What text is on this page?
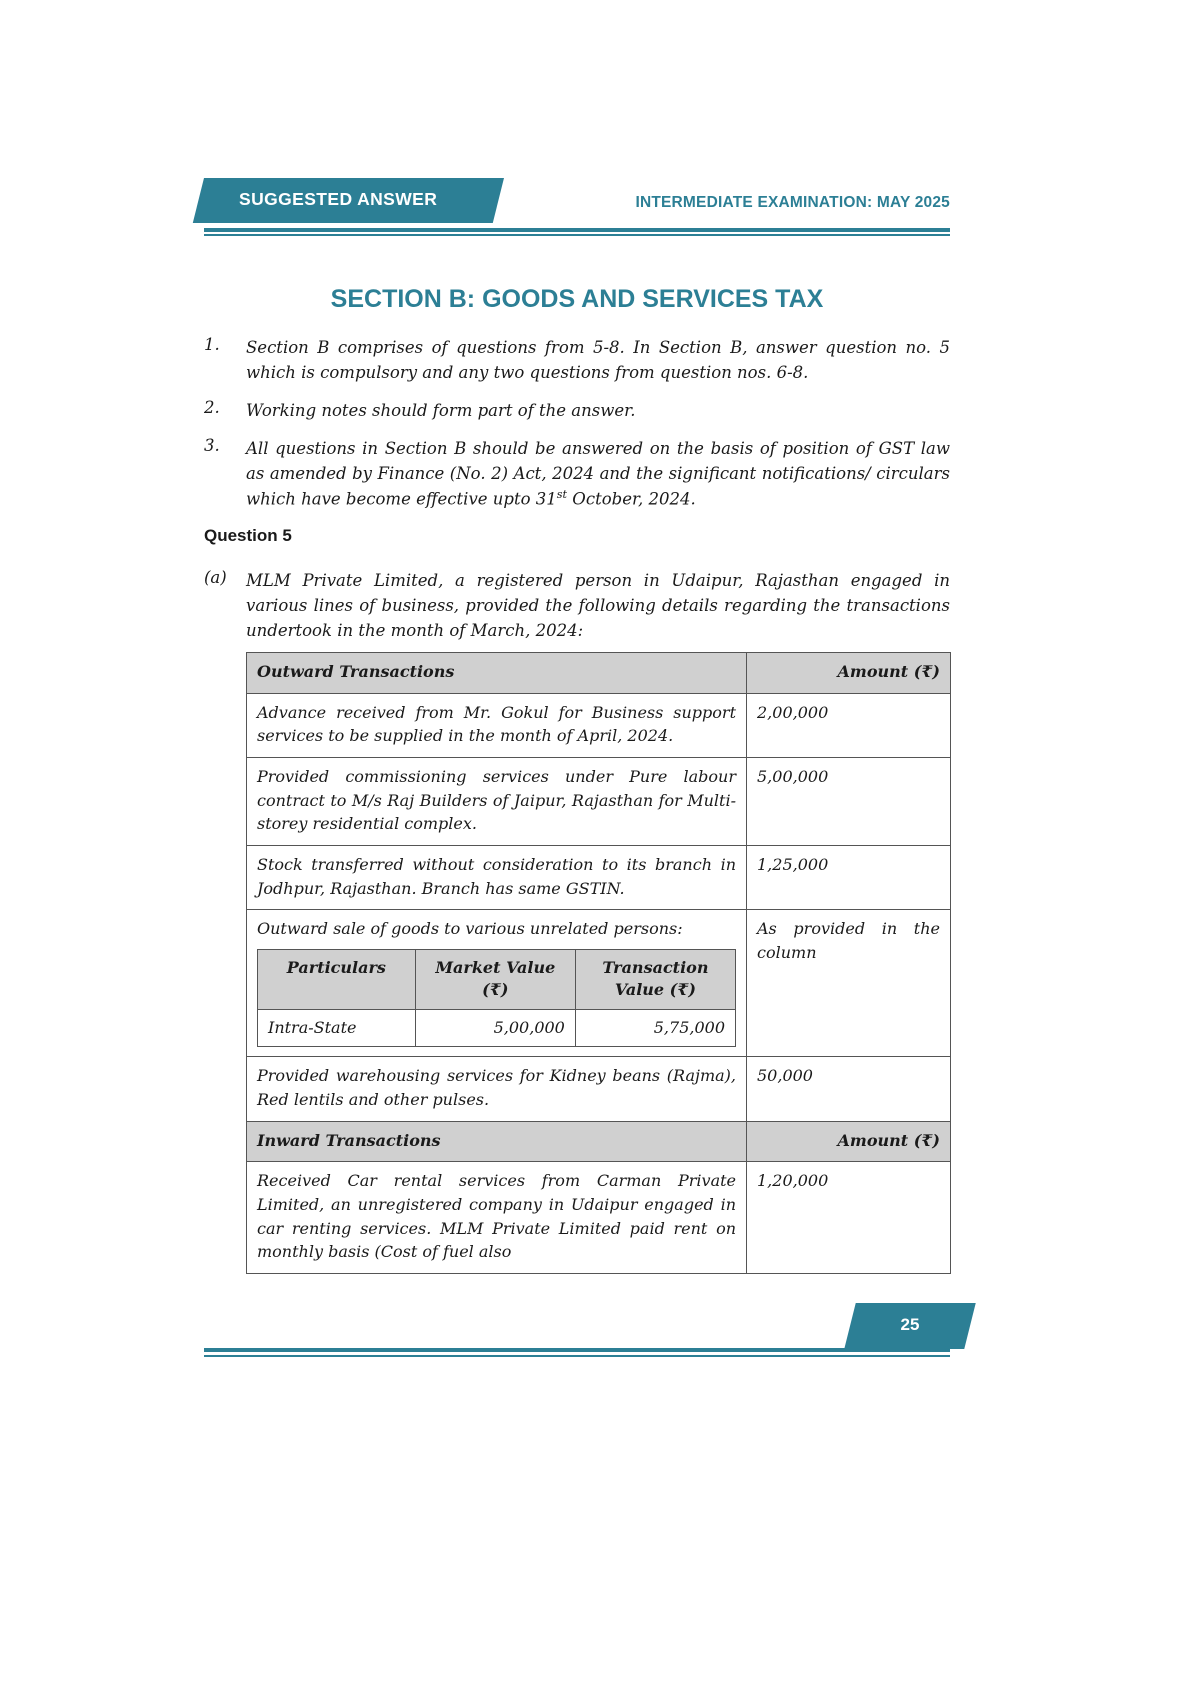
SUGGESTED ANSWER	INTERMEDIATE EXAMINATION: MAY 2025
SECTION B: GOODS AND SERVICES TAX
1.	Section B comprises of questions from 5-8. In Section B, answer question no. 5 which is compulsory and any two questions from question nos. 6-8.
2.	Working notes should form part of the answer.
3.	All questions in Section B should be answered on the basis of position of GST law as amended by Finance (No. 2) Act, 2024 and the significant notifications/ circulars which have become effective upto 31st October, 2024.
Question 5
(a)	MLM Private Limited, a registered person in Udaipur, Rajasthan engaged in various lines of business, provided the following details regarding the transactions undertook in the month of March, 2024:
Outward Transactions	Amount (₹)
Advance received from Mr. Gokul for Business support services to be supplied in the month of April, 2024.	2,00,000
Provided commissioning services under Pure labour contract to M/s Raj Builders of Jaipur, Rajasthan for Multi-storey residential complex.	5,00,000
Stock transferred without consideration to its branch in Jodhpur, Rajasthan. Branch has same GSTIN.	1,25,000

Outward sale of goods to various unrelated persons:
Particulars	Market Value (₹)	Transaction Value (₹)
Intra-State	5,00,000	5,75,000
	As provided in the column
Provided warehousing services for Kidney beans (Rajma), Red lentils and other pulses.	50,000
Inward Transactions	Amount (₹)
Received Car rental services from Carman Private Limited, an unregistered company in Udaipur engaged in car renting services. MLM Private Limited paid rent on monthly basis (Cost of fuel also	1,20,000
25
